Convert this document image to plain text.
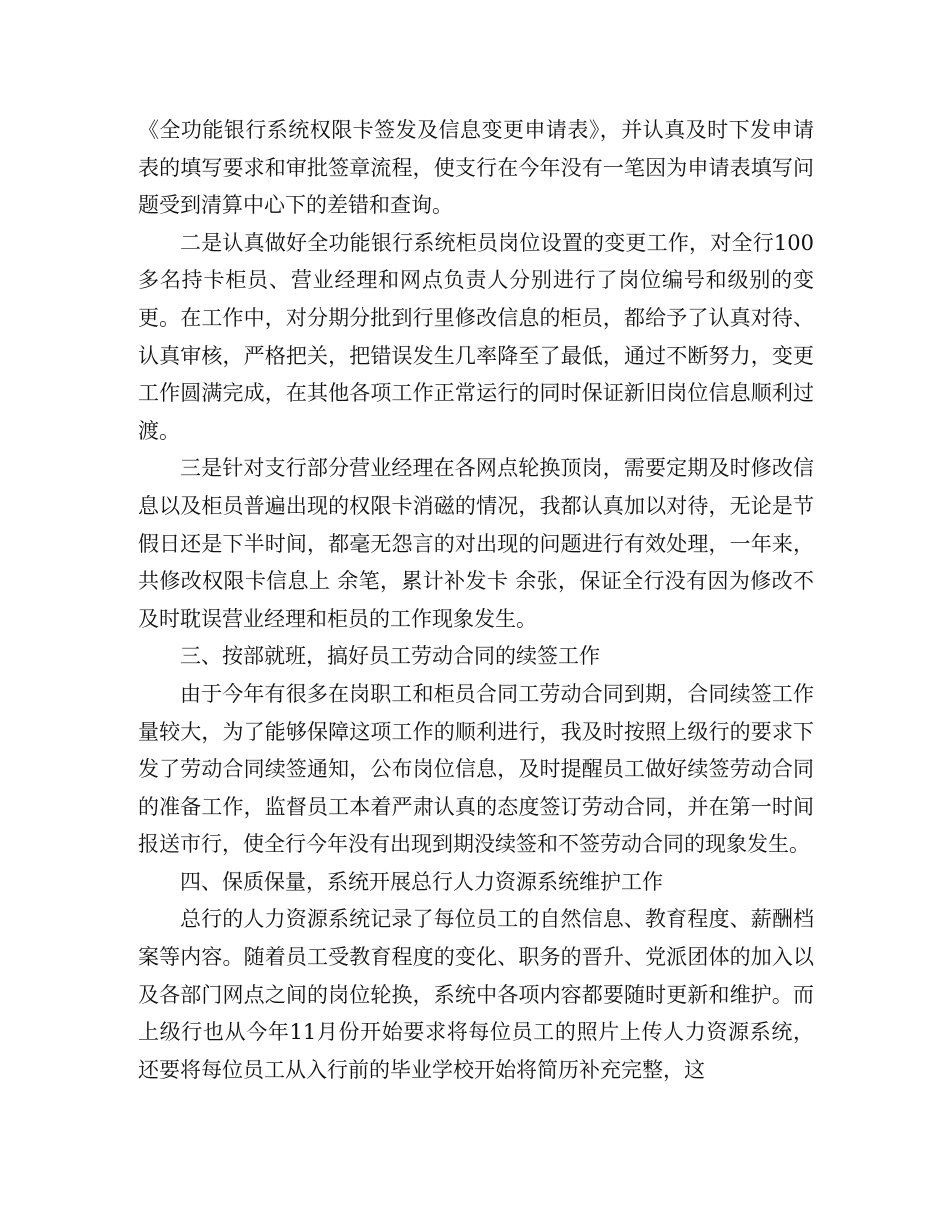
《全功能银行系统权限卡签发及信息变更申请表》，并认真及时下发申请表的填写要求和审批签章流程，使支行在今年没有一笔因为申请表填写问题受到清算中心下的差错和查询。

二是认真做好全功能银行系统柜员岗位设置的变更工作，对全行100多名持卡柜员、营业经理和网点负责人分别进行了岗位编号和级别的变更。在工作中，对分期分批到行里修改信息的柜员，都给予了认真对待、认真审核，严格把关，把错误发生几率降至了最低，通过不断努力，变更工作圆满完成，在其他各项工作正常运行的同时保证新旧岗位信息顺利过渡。

三是针对支行部分营业经理在各网点轮换顶岗，需要定期及时修改信息以及柜员普遍出现的权限卡消磁的情况，我都认真加以对待，无论是节假日还是下半时间，都毫无怨言的对出现的问题进行有效处理，一年来，共修改权限卡信息上 余笔，累计补发卡 余张，保证全行没有因为修改不及时耽误营业经理和柜员的工作现象发生。

三、按部就班，搞好员工劳动合同的续签工作

由于今年有很多在岗职工和柜员合同工劳动合同到期，合同续签工作量较大，为了能够保障这项工作的顺利进行，我及时按照上级行的要求下发了劳动合同续签通知，公布岗位信息，及时提醒员工做好续签劳动合同的准备工作，监督员工本着严肃认真的态度签订劳动合同，并在第一时间报送市行，使全行今年没有出现到期没续签和不签劳动合同的现象发生。

四、保质保量，系统开展总行人力资源系统维护工作

总行的人力资源系统记录了每位员工的自然信息、教育程度、薪酬档案等内容。随着员工受教育程度的变化、职务的晋升、党派团体的加入以及各部门网点之间的岗位轮换，系统中各项内容都要随时更新和维护。而上级行也从今年11月份开始要求将每位员工的照片上传人力资源系统，还要将每位员工从入行前的毕业学校开始将简历补充完整，这
